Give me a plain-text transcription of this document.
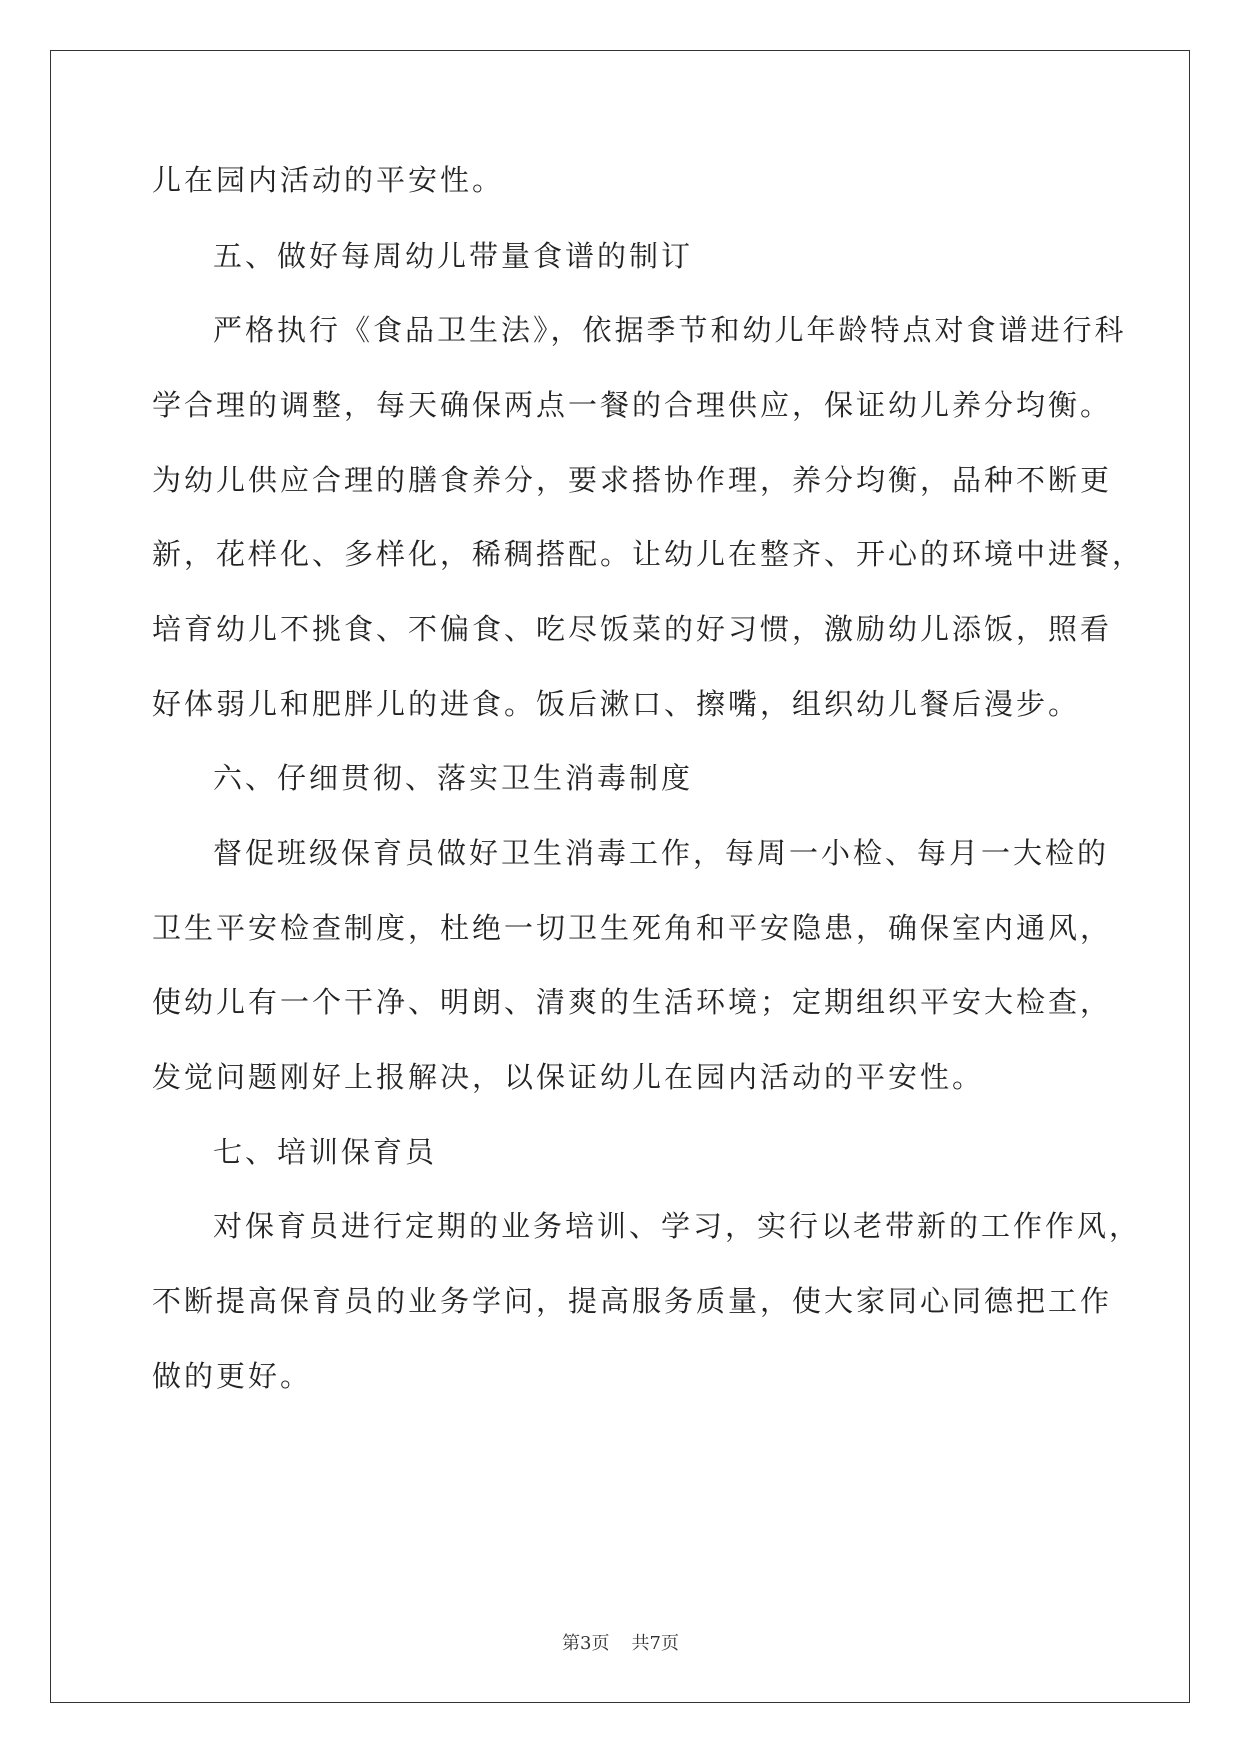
儿在园内活动的平安性。
五、做好每周幼儿带量食谱的制订
严格执行《食品卫生法》，依据季节和幼儿年龄特点对食谱进行科
学合理的调整，每天确保两点一餐的合理供应，保证幼儿养分均衡。
为幼儿供应合理的膳食养分，要求搭协作理，养分均衡，品种不断更
新，花样化、多样化，稀稠搭配。让幼儿在整齐、开心的环境中进餐，
培育幼儿不挑食、不偏食、吃尽饭菜的好习惯，激励幼儿添饭，照看
好体弱儿和肥胖儿的进食。饭后漱口、擦嘴，组织幼儿餐后漫步。
六、仔细贯彻、落实卫生消毒制度
督促班级保育员做好卫生消毒工作，每周一小检、每月一大检的
卫生平安检查制度，杜绝一切卫生死角和平安隐患，确保室内通风，
使幼儿有一个干净、明朗、清爽的生活环境；定期组织平安大检查，
发觉问题刚好上报解决，以保证幼儿在园内活动的平安性。
七、培训保育员
对保育员进行定期的业务培训、学习，实行以老带新的工作作风，
不断提高保育员的业务学问，提高服务质量，使大家同心同德把工作
做的更好。
第3页 共7页
